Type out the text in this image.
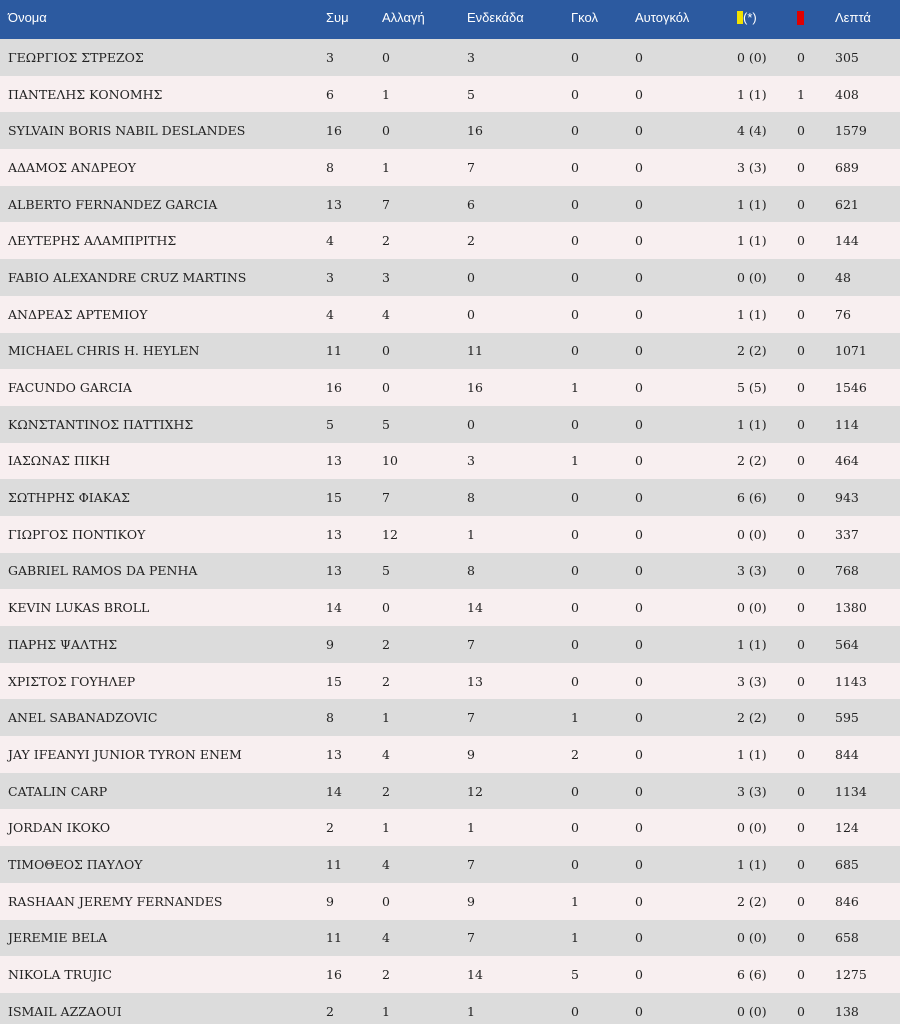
Όνομα	Συμ	Αλλαγή	Ενδεκάδα	Γκολ	Αυτογκόλ	(*)		Λεπτά
ΓΕΩΡΓΙΟΣ ΣΤΡΕΖΟΣ	3	0	3	0	0	0 (0)	0	305
ΠΑΝΤΕΛΗΣ ΚΟΝΟΜΗΣ	6	1	5	0	0	1 (1)	1	408
SYLVAIN BORIS NABIL DESLANDES	16	0	16	0	0	4 (4)	0	1579
ΑΔΑΜΟΣ ΑΝΔΡΕΟΥ	8	1	7	0	0	3 (3)	0	689
ALBERTO FERNANDEZ GARCIA	13	7	6	0	0	1 (1)	0	621
ΛΕΥΤΕΡΗΣ ΑΛΑΜΠΡΙΤΗΣ	4	2	2	0	0	1 (1)	0	144
FABIO ALEXANDRE CRUZ MARTINS	3	3	0	0	0	0 (0)	0	48
ΑΝΔΡΕΑΣ ΑΡΤΕΜΙΟΥ	4	4	0	0	0	1 (1)	0	76
MICHAEL CHRIS H. HEYLEN	11	0	11	0	0	2 (2)	0	1071
FACUNDO GARCIA	16	0	16	1	0	5 (5)	0	1546
ΚΩΝΣΤΑΝΤΙΝΟΣ ΠΑΤΤΙΧΗΣ	5	5	0	0	0	1 (1)	0	114
ΙΑΣΩΝΑΣ ΠΙΚΗ	13	10	3	1	0	2 (2)	0	464
ΣΩΤΗΡΗΣ ΦΙΑΚΑΣ	15	7	8	0	0	6 (6)	0	943
ΓΙΩΡΓΟΣ ΠΟΝΤΙΚΟΥ	13	12	1	0	0	0 (0)	0	337
GABRIEL RAMOS DA PENHA	13	5	8	0	0	3 (3)	0	768
KEVIN LUKAS BROLL	14	0	14	0	0	0 (0)	0	1380
ΠΑΡΗΣ ΨΑΛΤΗΣ	9	2	7	0	0	1 (1)	0	564
ΧΡΙΣΤΟΣ ΓΟΥΗΛΕΡ	15	2	13	0	0	3 (3)	0	1143
ANEL SABANADZOVIC	8	1	7	1	0	2 (2)	0	595
JAY IFEANYI JUNIOR TYRON ENEM	13	4	9	2	0	1 (1)	0	844
CATALIN CARP	14	2	12	0	0	3 (3)	0	1134
JORDAN IKOKO	2	1	1	0	0	0 (0)	0	124
ΤΙΜΟΘΕΟΣ ΠΑΥΛΟΥ	11	4	7	0	0	1 (1)	0	685
RASHAAN JEREMY FERNANDES	9	0	9	1	0	2 (2)	0	846
JEREMIE BELA	11	4	7	1	0	0 (0)	0	658
NIKOLA TRUJIC	16	2	14	5	0	6 (6)	0	1275
ISMAIL AZZAOUI	2	1	1	0	0	0 (0)	0	138
